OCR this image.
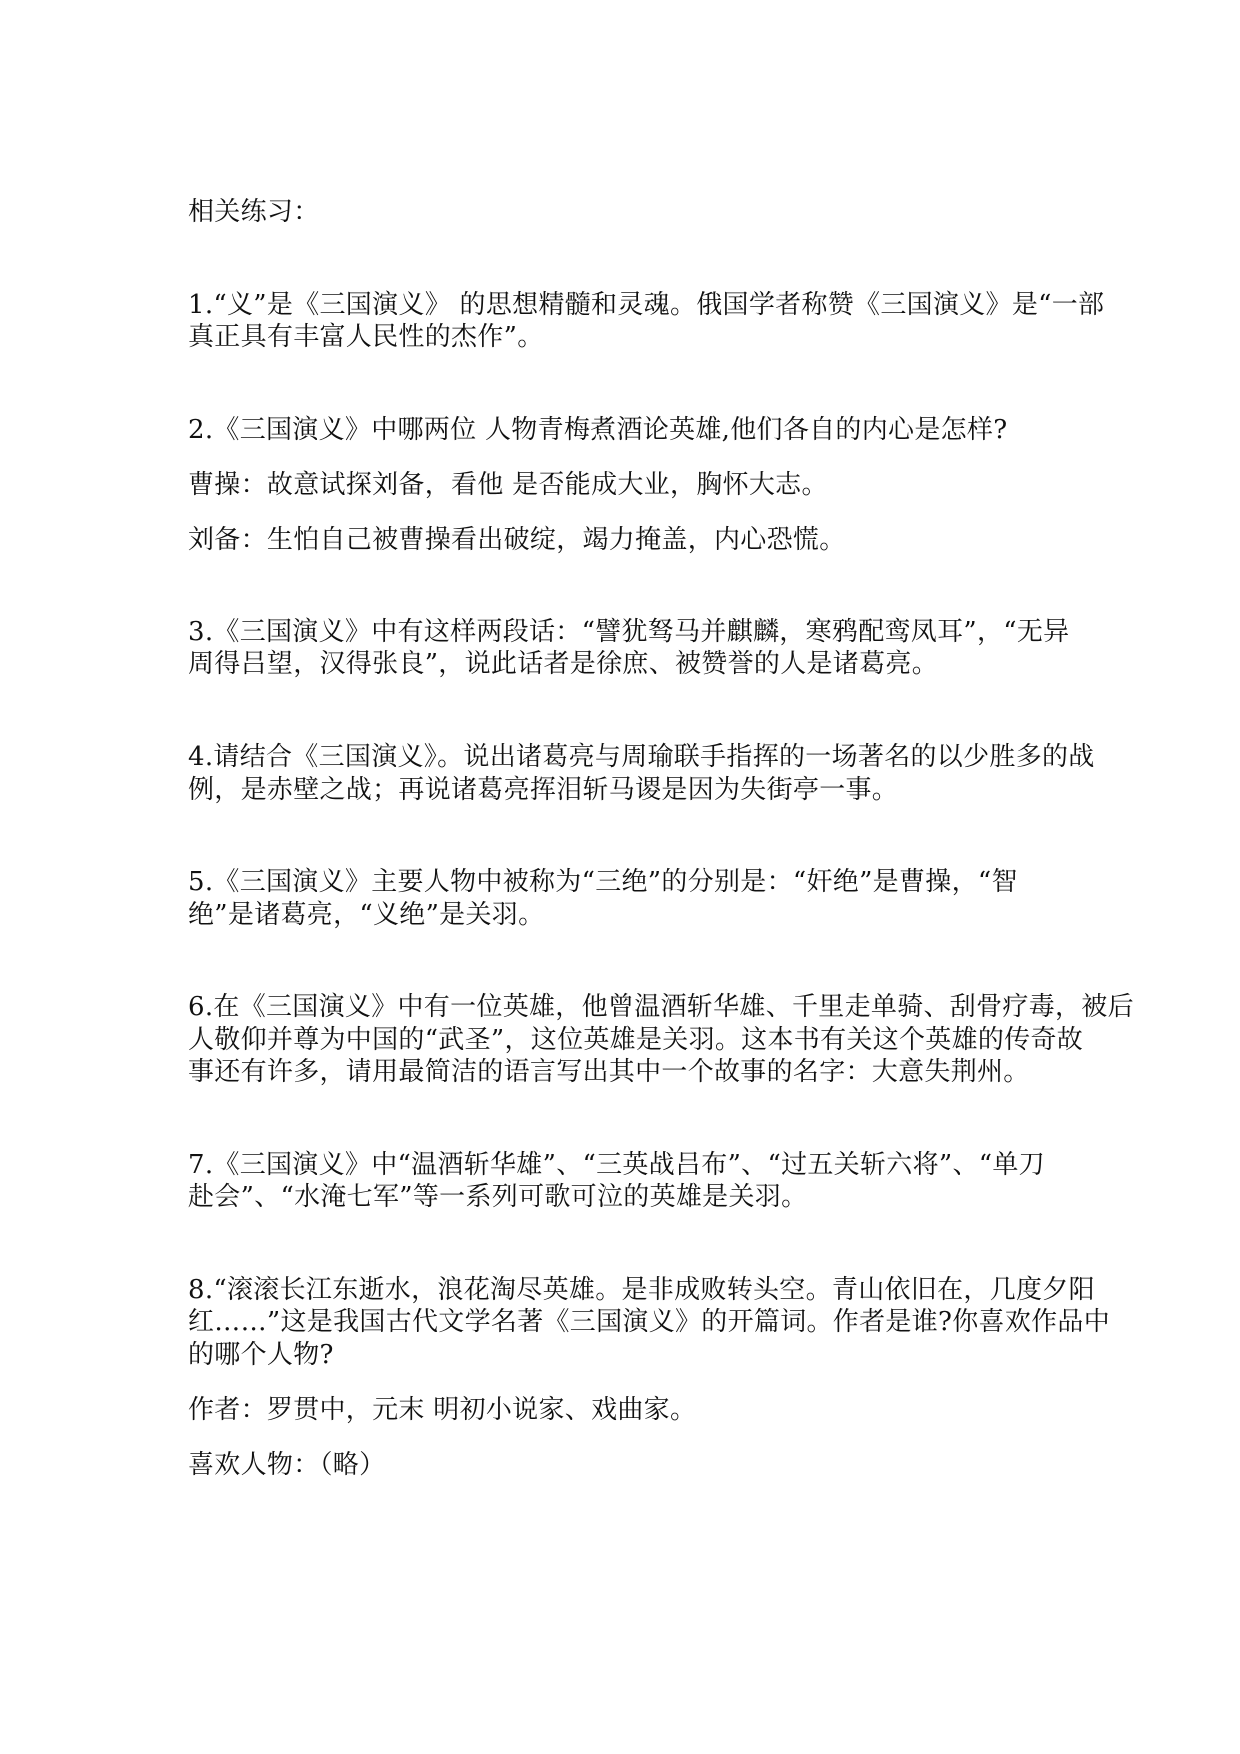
相关练习：
1.“义”是《三国演义》 的思想精髓和灵魂。俄国学者称赞《三国演义》是“一部
真正具有丰富人民性的杰作”。
2.《三国演义》中哪两位 人物青梅煮酒论英雄,他们各自的内心是怎样?
曹操：故意试探刘备，看他 是否能成大业，胸怀大志。
刘备：生怕自己被曹操看出破绽，竭力掩盖，内心恐慌。
3.《三国演义》中有这样两段话：“譬犹驽马并麒麟，寒鸦配鸾凤耳”，“无异
周得吕望，汉得张良”，说此话者是徐庶、被赞誉的人是诸葛亮。
4.请结合《三国演义》。说出诸葛亮与周瑜联手指挥的一场著名的以少胜多的战
例，是赤壁之战；再说诸葛亮挥泪斩马谡是因为失街亭一事。
5.《三国演义》主要人物中被称为“三绝”的分别是：“奸绝”是曹操，“智
绝”是诸葛亮，“义绝”是关羽。
6.在《三国演义》中有一位英雄，他曾温酒斩华雄、千里走单骑、刮骨疗毒，被后
人敬仰并尊为中国的“武圣”，这位英雄是关羽。这本书有关这个英雄的传奇故
事还有许多，请用最简洁的语言写出其中一个故事的名字：大意失荆州。
7.《三国演义》中“温酒斩华雄”、“三英战吕布”、“过五关斩六将”、“单刀
赴会”、“水淹七军”等一系列可歌可泣的英雄是关羽。
8.“滚滚长江东逝水，浪花淘尽英雄。是非成败转头空。青山依旧在，几度夕阳
红……”这是我国古代文学名著《三国演义》的开篇词。作者是谁?你喜欢作品中
的哪个人物?
作者：罗贯中，元末 明初小说家、戏曲家。
喜欢人物：（略）
